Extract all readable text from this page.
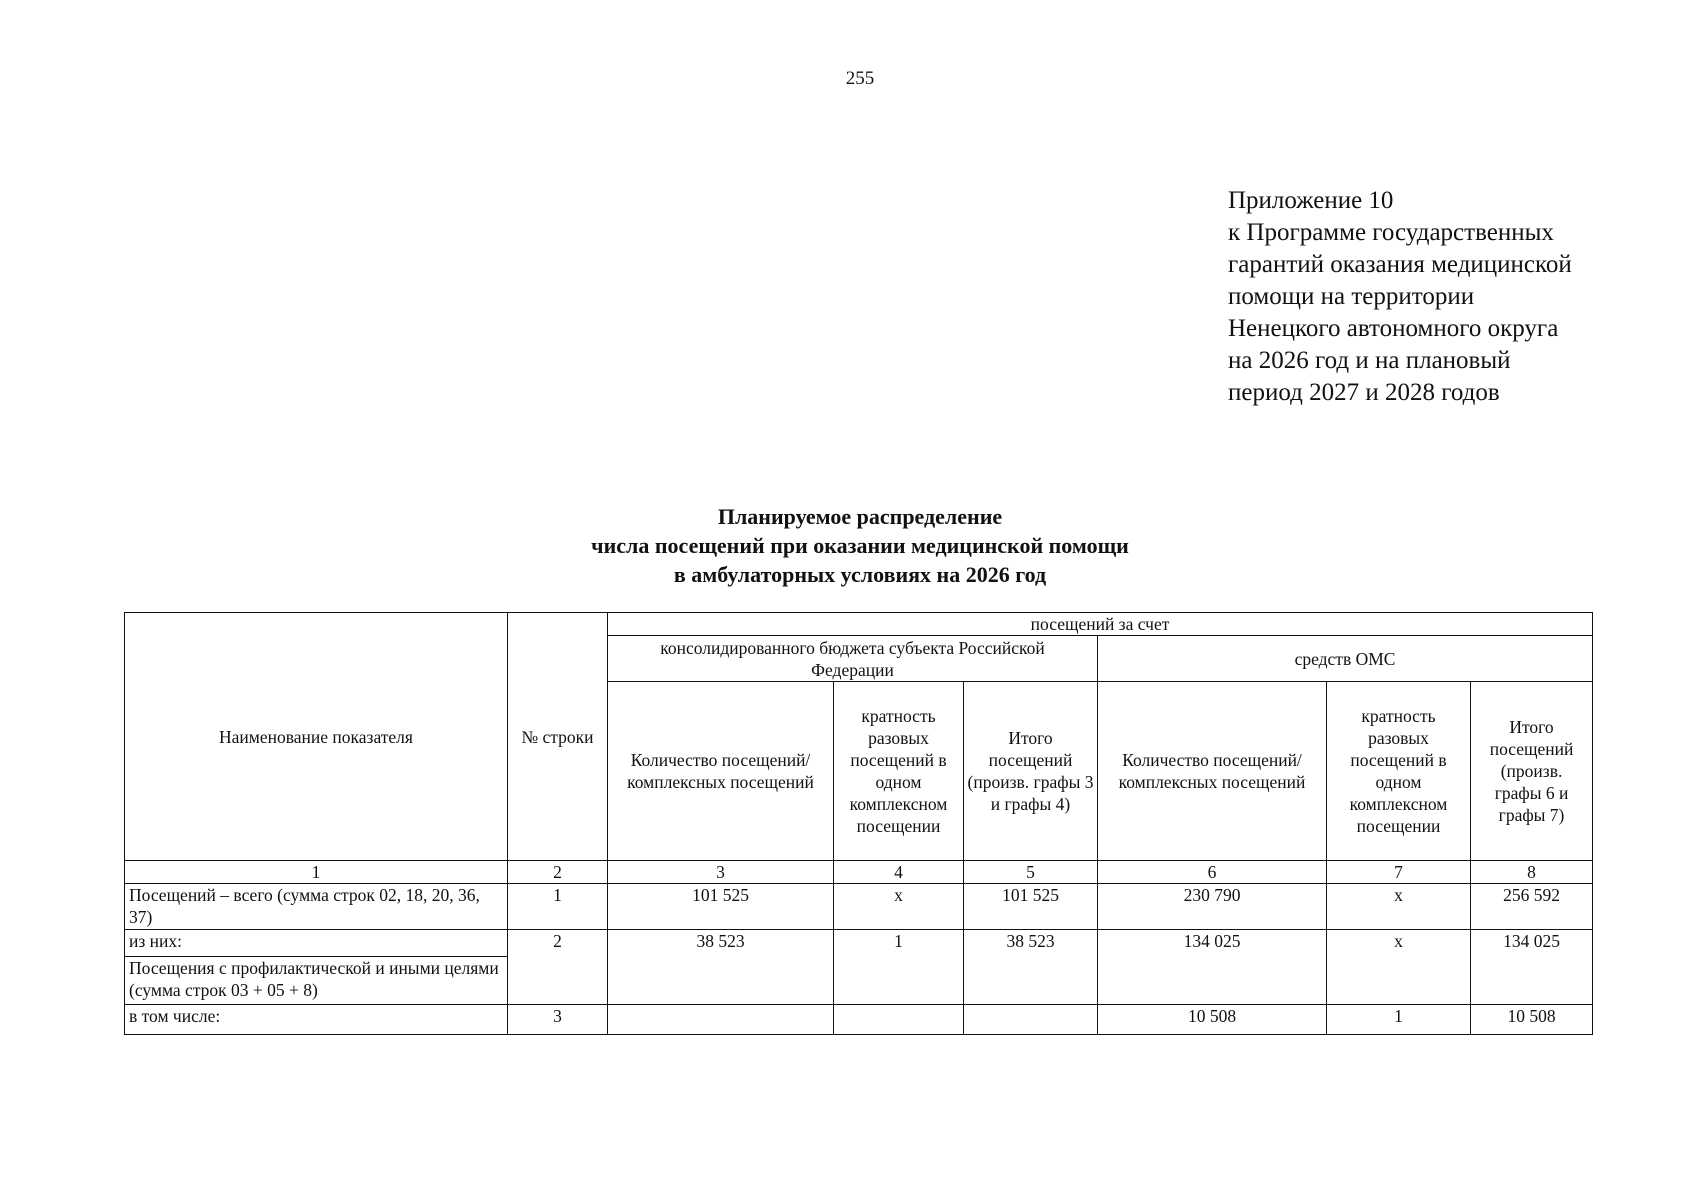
255
Приложение 10
к Программе государственных
гарантий оказания медицинской
помощи на территории
Ненецкого автономного округа
на 2026 год и на плановый
период 2027 и 2028 годов
Планируемое распределение
числа посещений при оказании медицинской помощи
в амбулаторных условиях на 2026 год
Наименование показателя	№ строки	посещений за счет					
		консолидированного бюджета субъекта Российской Федерации			средств ОМС		
		Количество посещений/комплексных посещений	кратность разовых посещений в одном комплексном посещении	Итого посещений (произв. графы 3 и графы 4)	Количество посещений/комплексных посещений	кратность разовых посещений в одном комплексном посещении	Итого посещений (произв. графы 6 и графы 7)
1	2	3	4	5	6	7	8
Посещений – всего (сумма строк 02, 18, 20, 36, 37)	1	101 525	х	101 525	230 790	х	256 592
из них:	2	38 523	1	38 523	134 025	х	134 025
Посещения с профилактической и иными целями (сумма строк 03 + 05 + 8)							
в том числе:	3				10 508	1	10 508
